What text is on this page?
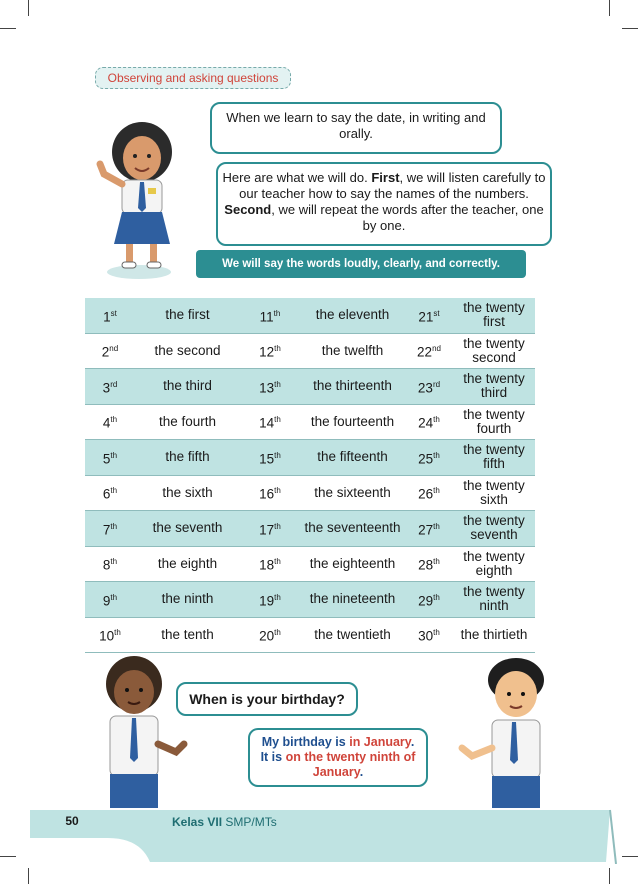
Observing and asking questions
When we learn to say the date, in writing and orally.
Here are what we will do. First, we will listen carefully to our teacher how to say the names of the numbers. Second, we will repeat the words after the teacher, one by one.
We will say the words loudly, clearly, and correctly.
1st	the first	11th	the eleventh	21st	the twenty first
2nd	the second	12th	the twelfth	22nd	the twenty second
3rd	the third	13th	the thirteenth	23rd	the twenty third
4th	the fourth	14th	the fourteenth	24th	the twenty fourth
5th	the fifth	15th	the fifteenth	25th	the twenty fifth
6th	the sixth	16th	the sixteenth	26th	the twenty sixth
7th	the seventh	17th	the seventeenth	27th	the twenty seventh
8th	the eighth	18th	the eighteenth	28th	the twenty eighth
9th	the ninth	19th	the nineteenth	29th	the twenty ninth
10th	the tenth	20th	the twentieth	30th	the thirtieth
When is your birthday?
My birthday is in January.
It is on the twenty ninth of January.
50	Kelas VII SMP/MTs
